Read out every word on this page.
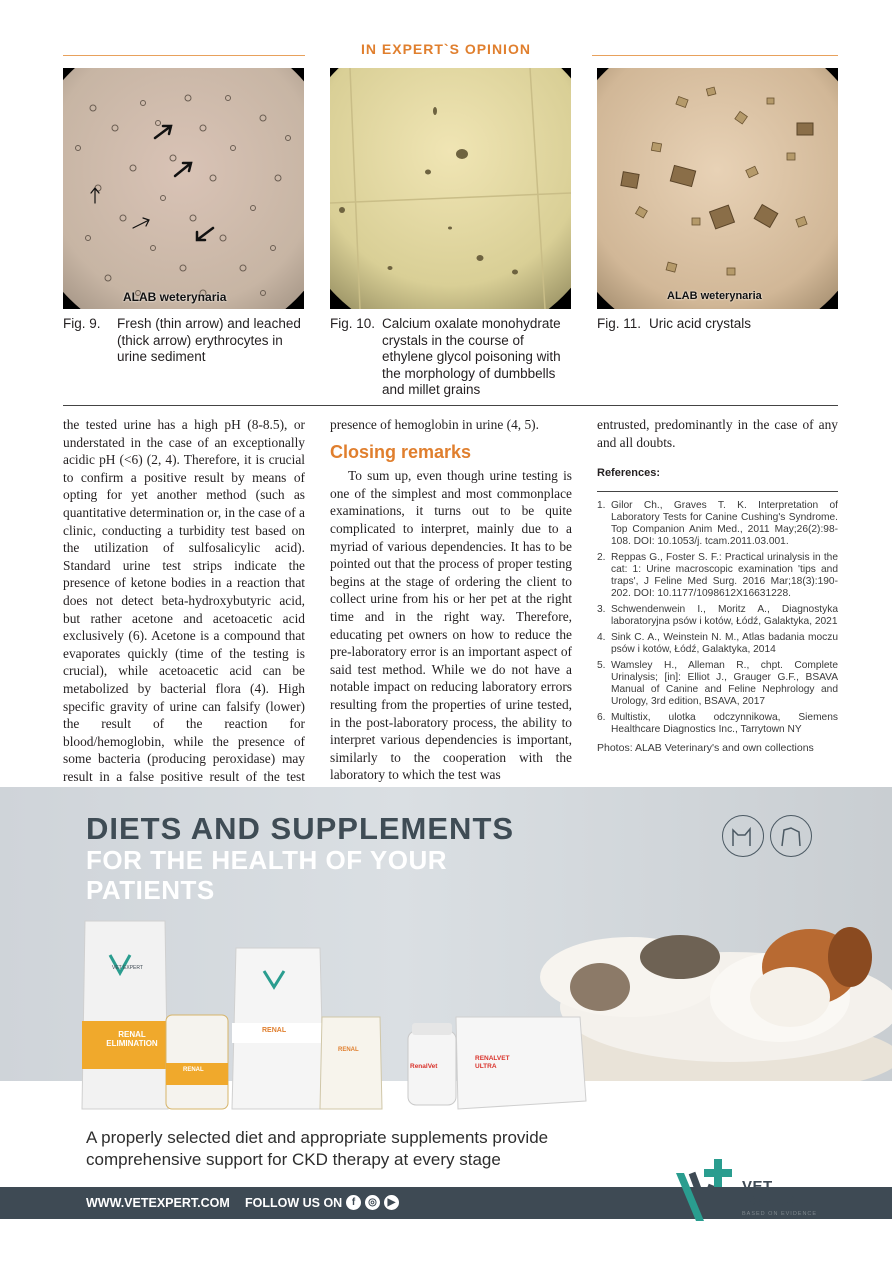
IN EXPERT`S OPINION
ALAB weterynaria	ALAB weterynaria
Fig. 9. Fresh (thin arrow) and leached (thick arrow) erythrocytes in urine sediment
Fig. 10. Calcium oxalate monohydrate crystals in the course of ethylene glycol poisoning with the morphology of dumbbells and millet grains
Fig. 11. Uric acid crystals

the tested urine has a high pH (8-8.5), or understated in the case of an exceptionally acidic pH (<6) (2, 4). Therefore, it is crucial to confirm a positive result by means of opting for yet another method (such as quantitative determination or, in the case of a clinic, conducting a turbidity test based on the utilization of sulfosalicylic acid). Standard urine test strips indicate the presence of ketone bodies in a reaction that does not detect beta-hydroxybutyric acid, but rather acetone and acetoacetic acid exclusively (6). Acetone is a compound that evaporates quickly (time of the testing is crucial), while acetoacetic acid can be metabolized by bacterial flora (4). High specific gravity of urine can falsify (lower) the result of the reaction for blood/hemoglobin, while the presence of some bacteria (producing peroxidase) may result in a false positive result of the test

presence of hemoglobin in urine (4, 5).

Closing remarks

To sum up, even though urine testing is one of the simplest and most commonplace examinations, it turns out to be quite complicated to interpret, mainly due to a myriad of various dependencies. It has to be pointed out that the process of proper testing begins at the stage of ordering the client to collect urine from his or her pet at the right time and in the right way. Therefore, educating pet owners on how to reduce the pre-laboratory error is an important aspect of said test method. While we do not have a notable impact on reducing laboratory errors resulting from the properties of urine tested, in the post-laboratory process, the ability to interpret various dependencies is important, similarly to the cooperation with the laboratory to which the test was

entrusted, predominantly in the case of any and all doubts.

References:
1. Gilor Ch., Graves T. K. Interpretation of Laboratory Tests for Canine Cushing's Syndrome. Top Companion Anim Med., 2011 May;26(2):98-108. DOI: 10.1053/j. tcam.2011.03.001.
2. Reppas G., Foster S. F.: Practical urinalysis in the cat: 1: Urine macroscopic examination 'tips and traps', J Feline Med Surg. 2016 Mar;18(3):190-202. DOI: 10.1177/1098612X16631228.
3. Schwendenwein I., Moritz A., Diagnostyka laboratoryjna psów i kotów, Łódź, Galaktyka, 2021
4. Sink C. A., Weinstein N. M., Atlas badania moczu psów i kotów, Łódź, Galaktyka, 2014
5. Wamsley H., Alleman R., chpt. Complete Urinalysis; [in]: Elliot J., Grauger G.F., BSAVA Manual of Canine and Feline Nephrology and Urology, 3rd edition, BSAVA, 2017
6. Multistix, ulotka odczynnikowa, Siemens Healthcare Diagnostics Inc., Tarrytown NY
Photos: ALAB Veterinary's and own collections
DIETS AND SUPPLEMENTS
FOR THE HEALTH OF YOUR PATIENTS
RENAL
ELIMINATION
VET EXPERT
RENAL
RENAL
RENAL
RenalVet
RENALVET
ULTRA
A properly selected diet and appropriate supplements provide
comprehensive support for CKD therapy at every stage
WWW.VETEXPERT.COM FOLLOW US ON f	◎	▶
VET
EXPERT
BASED ON EVIDENCE
